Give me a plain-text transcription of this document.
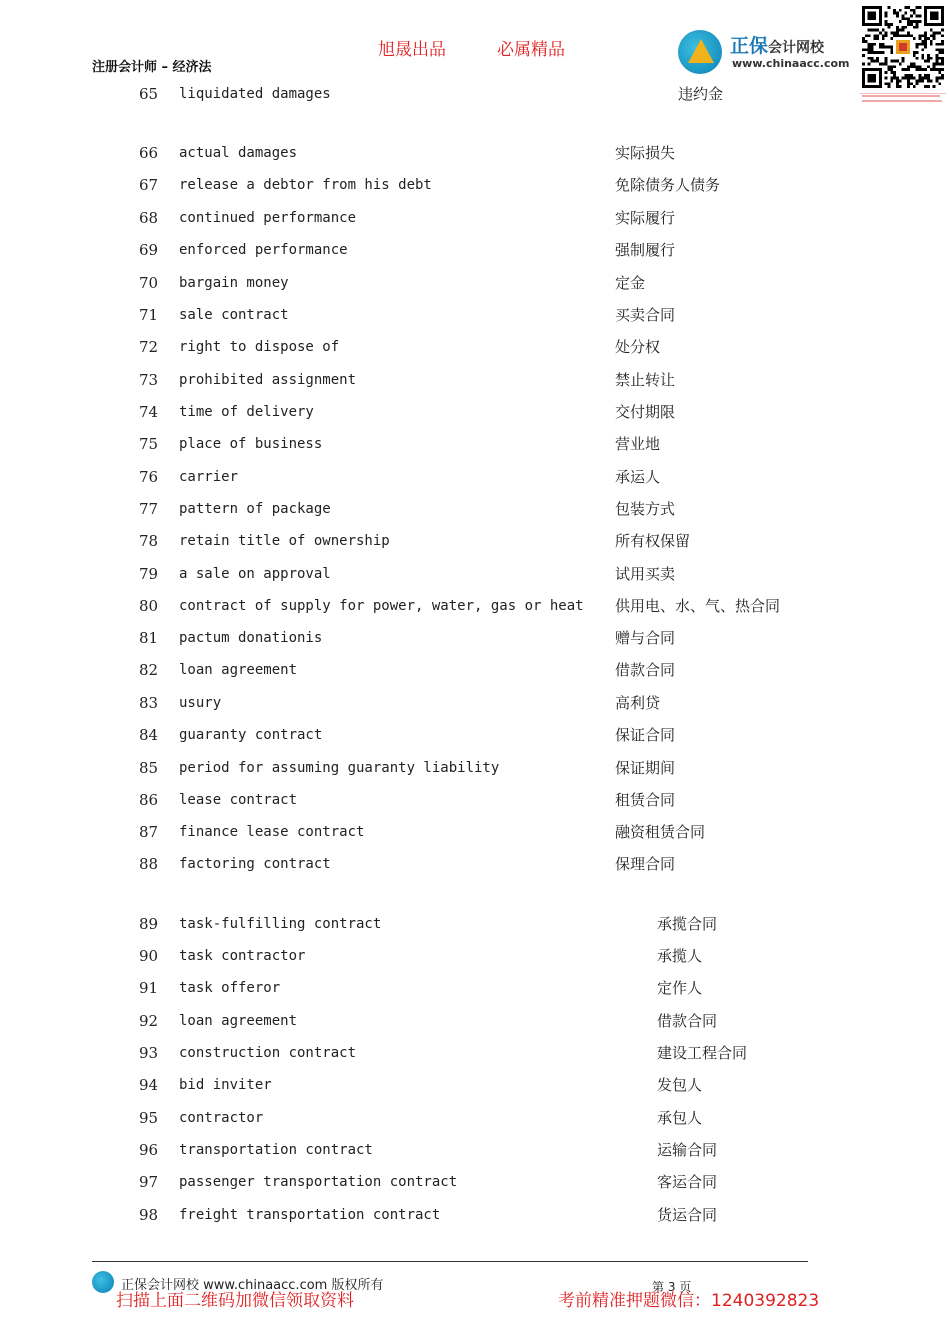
注册会计师 – 经济法
旭晟出品	必属精品	正保会计网校
www.chinaacc.com
65 liquidated damages	违约金
66 actual damages	实际损失
67 release a debtor from his debt	免除债务人债务
68 continued performance	实际履行
69 enforced performance	强制履行
70 bargain money	定金
71 sale contract	买卖合同
72 right to dispose of	处分权
73 prohibited assignment	禁止转让
74 time of delivery	交付期限
75 place of business	营业地
76 carrier	承运人
77 pattern of package	包装方式
78 retain title of ownership	所有权保留
79 a sale on approval	试用买卖
80 contract of supply for power, water, gas or heat 供用电、水、气、热合同
81 pactum donationis	赠与合同
82 loan agreement	借款合同
83 usury	高利贷
84 guaranty contract	保证合同
85 period for assuming guaranty liability	保证期间
86 lease contract	租赁合同
87 finance lease contract	融资租赁合同
88 factoring contract	保理合同
89 task-fulfilling contract	承揽合同
90 task contractor	承揽人
91 task offeror	定作人
92 loan agreement	借款合同
93 construction contract	建设工程合同
94 bid inviter	发包人
95 contractor	承包人
96 transportation contract	运输合同
97 passenger transportation contract	客运合同
98 freight transportation contract	货运合同
正保会计网校 www.chinaacc.com 版权所有	第 3 页
扫描上面二维码加微信领取资料	考前精准押题微信：1240392823
